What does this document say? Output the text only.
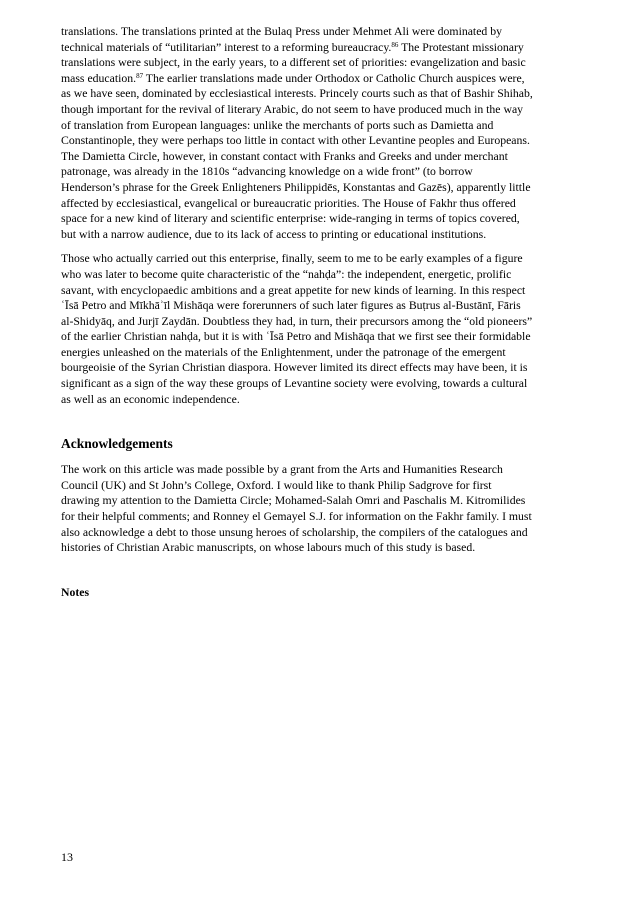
translations. The translations printed at the Bulaq Press under Mehmet Ali were dominated by
technical materials of “utilitarian” interest to a reforming bureaucracy.$^{86}$ The Protestant missionary
translations were subject, in the early years, to a different set of priorities: evangelization and basic
mass education.$^{87}$ The earlier translations made under Orthodox or Catholic Church auspices were,
as we have seen, dominated by ecclesiastical interests. Princely courts such as that of Bashir Shihab,
though important for the revival of literary Arabic, do not seem to have produced much in the way
of translation from European languages: unlike the merchants of ports such as Damietta and
Constantinople, they were perhaps too little in contact with other Levantine peoples and Europeans.
The Damietta Circle, however, in constant contact with Franks and Greeks and under merchant
patronage, was already in the 1810s “advancing knowledge on a wide front” (to borrow
Henderson’s phrase for the Greek Enlighteners Philippidēs, Konstantas and Gazēs), apparently little
affected by ecclesiastical, evangelical or bureaucratic priorities. The House of Fakhr thus offered
space for a new kind of literary and scientific enterprise: wide-ranging in terms of topics covered,
but with a narrow audience, due to its lack of access to printing or educational institutions.

Those who actually carried out this enterprise, finally, seem to me to be early examples of a figure
who was later to become quite characteristic of the “nahḍa”: the independent, energetic, prolific
savant, with encyclopaedic ambitions and a great appetite for new kinds of learning. In this respect
ʿĪsā Petro and Mīkhāʾīl Mishāqa were forerunners of such later figures as Buṭrus al-Bustānī, Fāris
al-Shidyāq, and Jurjī Zaydān. Doubtless they had, in turn, their precursors among the “old pioneers”
of the earlier Christian nahḍa, but it is with ʿĪsā Petro and Mishāqa that we first see their formidable
energies unleashed on the materials of the Enlightenment, under the patronage of the emergent
bourgeoisie of the Syrian Christian diaspora. However limited its direct effects may have been, it is
significant as a sign of the way these groups of Levantine society were evolving, towards a cultural
as well as an economic independence.

Acknowledgements

The work on this article was made possible by a grant from the Arts and Humanities Research
Council (UK) and St John’s College, Oxford. I would like to thank Philip Sadgrove for first
drawing my attention to the Damietta Circle; Mohamed-Salah Omri and Paschalis M. Kitromilides
for their helpful comments; and Ronney el Gemayel S.J. for information on the Fakhr family. I must
also acknowledge a debt to those unsung heroes of scholarship, the compilers of the catalogues and
histories of Christian Arabic manuscripts, on whose labours much of this study is based.

Notes
13
